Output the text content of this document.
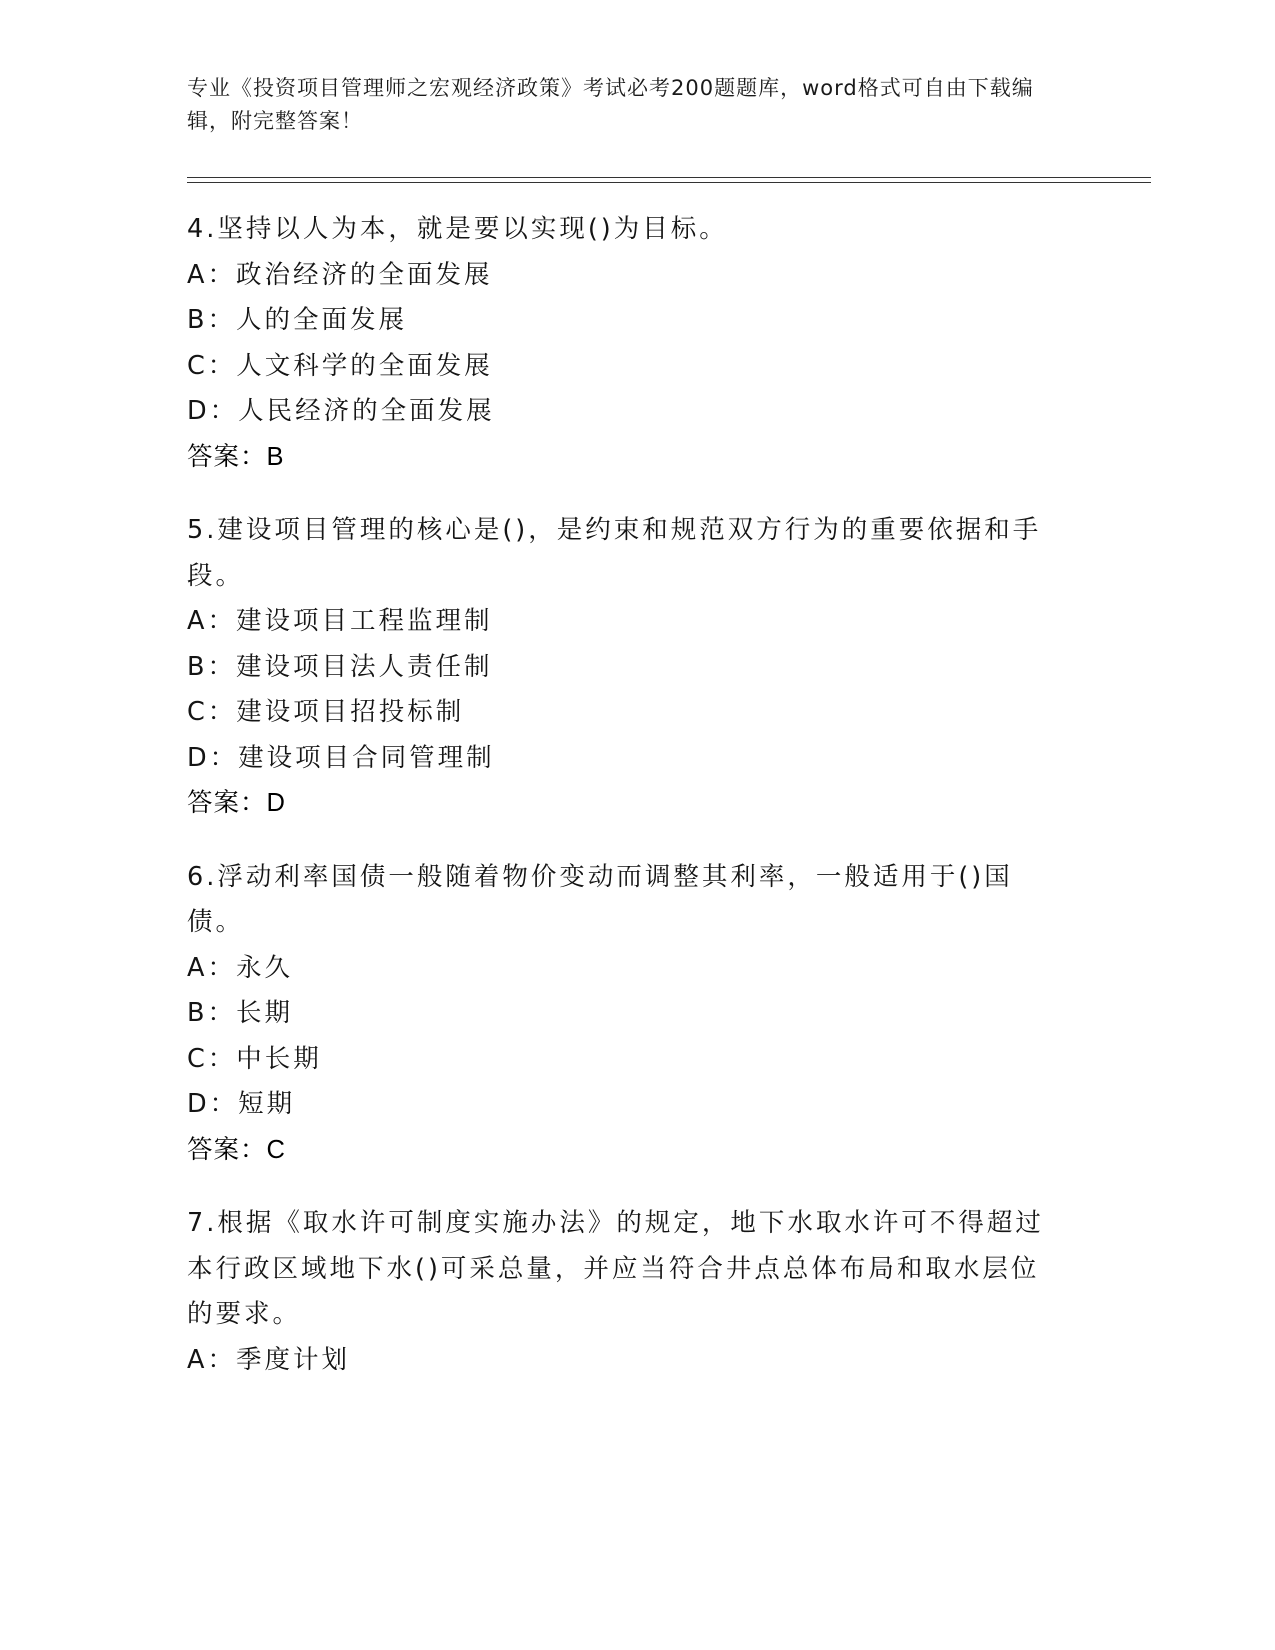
专业《投资项目管理师之宏观经济政策》考试必考200题题库，word格式可自由下载编辑，附完整答案！
4.坚持以人为本，就是要以实现()为目标。
A：政治经济的全面发展
B：人的全面发展
C：人文科学的全面发展
D：人民经济的全面发展
答案：B
5.建设项目管理的核心是()，是约束和规范双方行为的重要依据和手段。
A：建设项目工程监理制
B：建设项目法人责任制
C：建设项目招投标制
D：建设项目合同管理制
答案：D
6.浮动利率国债一般随着物价变动而调整其利率，一般适用于()国债。
A：永久
B：长期
C：中长期
D：短期
答案：C
7.根据《取水许可制度实施办法》的规定，地下水取水许可不得超过本行政区域地下水()可采总量，并应当符合井点总体布局和取水层位的要求。
A：季度计划
